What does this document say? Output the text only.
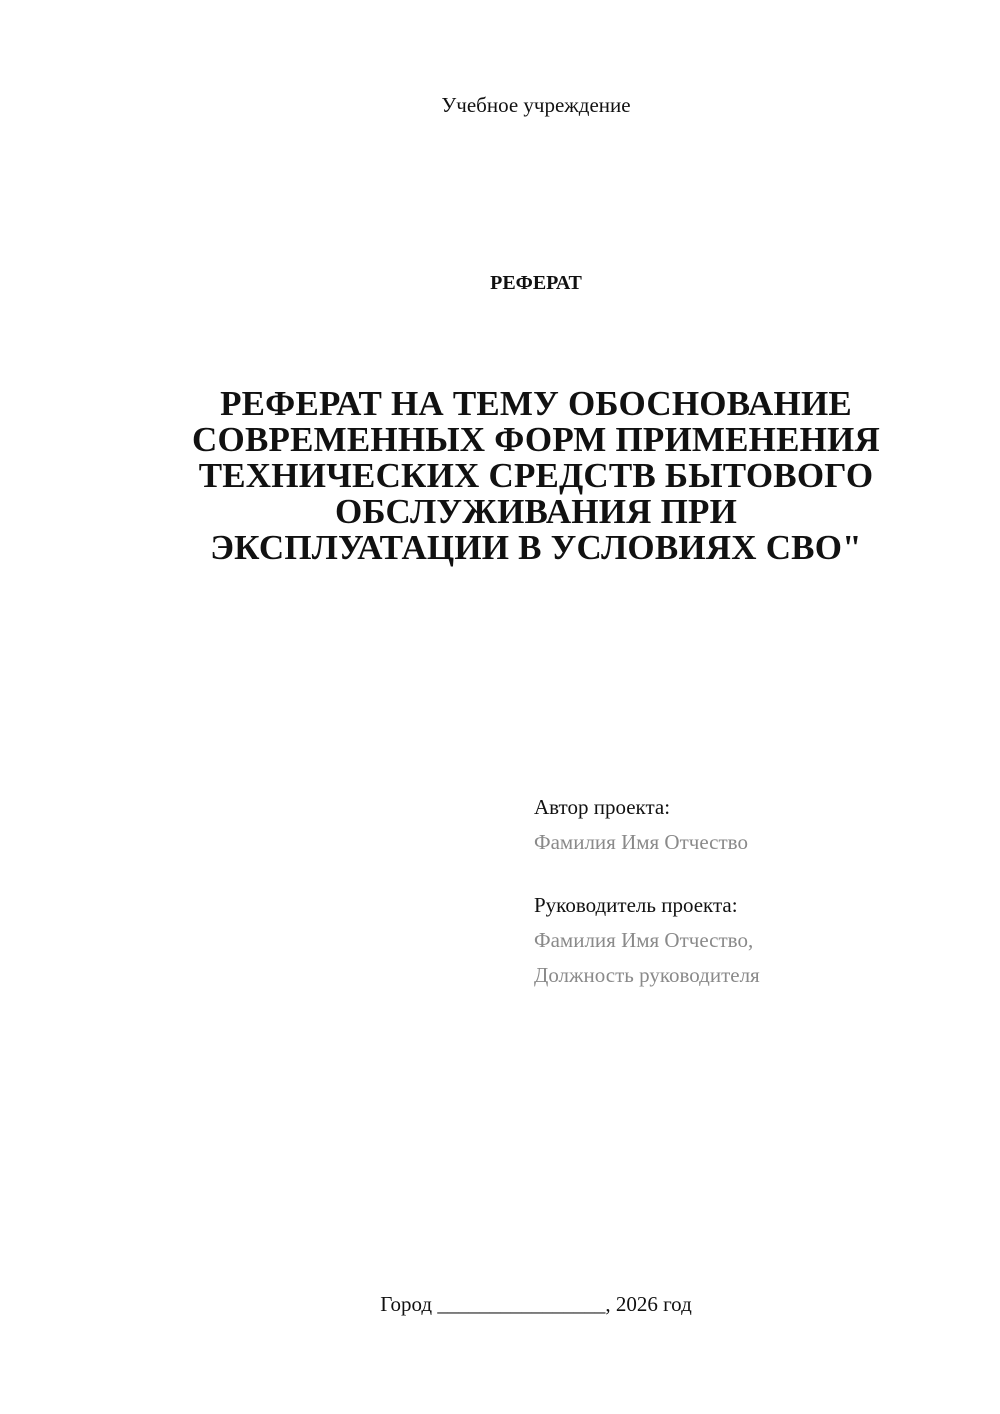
Учебное учреждение
РЕФЕРАТ
РЕФЕРАТ НА ТЕМУ ОБОСНОВАНИЕ
СОВРЕМЕННЫХ ФОРМ ПРИМЕНЕНИЯ
ТЕХНИЧЕСКИХ СРЕДСТВ БЫТОВОГО
ОБСЛУЖИВАНИЯ ПРИ
ЭКСПЛУАТАЦИИ В УСЛОВИЯХ СВО"
Автор проекта:
Фамилия Имя Отчество
Руководитель проекта:
Фамилия Имя Отчество,
Должность руководителя
Город ________________, 2026 год
